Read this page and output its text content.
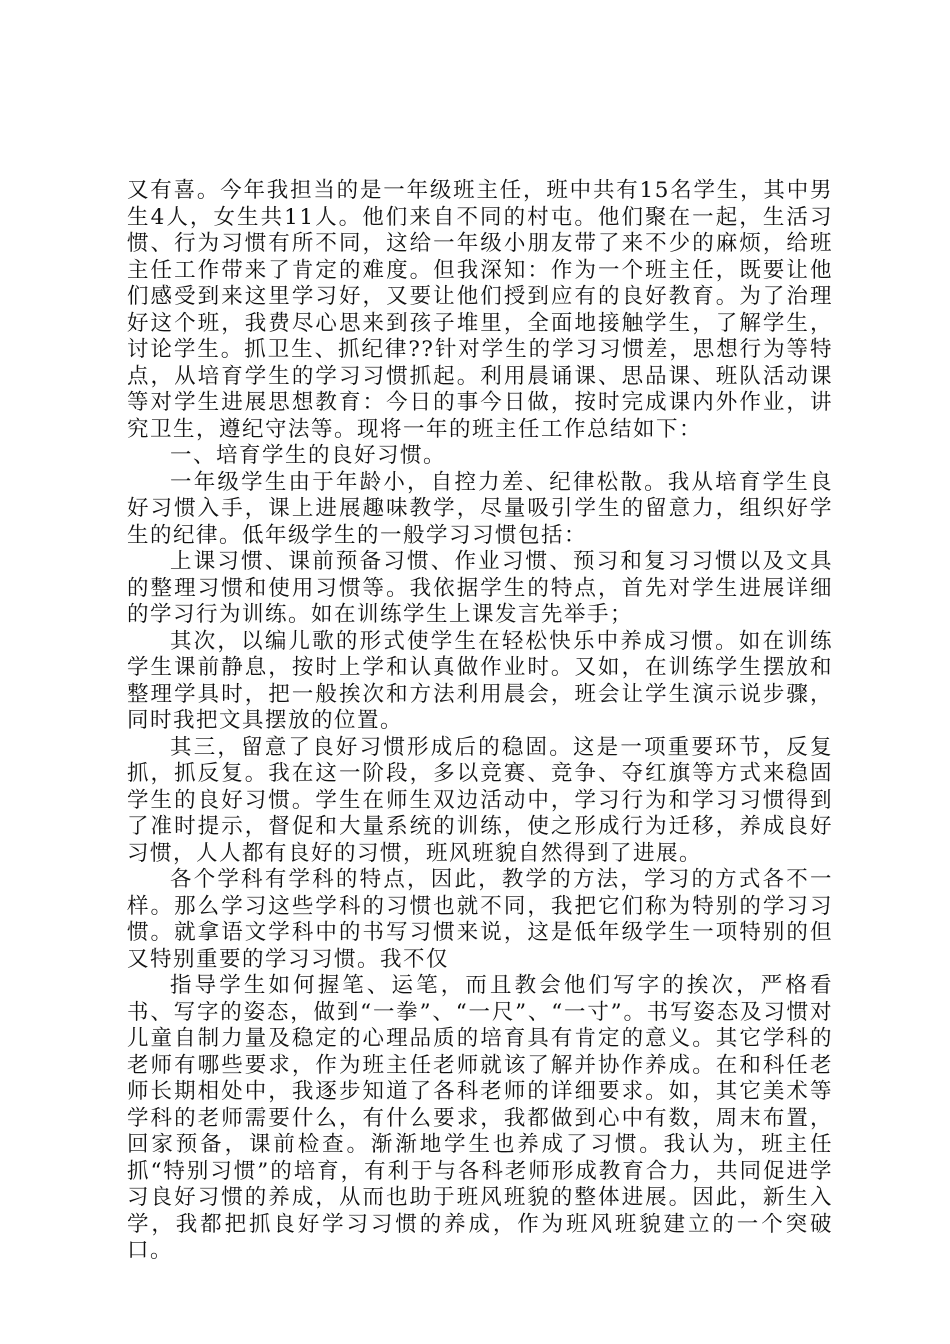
又有喜。今年我担当的是一年级班主任，班中共有15名学生，其中男生4人，女生共11人。他们来自不同的村屯。他们聚在一起，生活习惯、行为习惯有所不同，这给一年级小朋友带了来不少的麻烦，给班主任工作带来了肯定的难度。但我深知：作为一个班主任，既要让他们感受到来这里学习好，又要让他们授到应有的良好教育。为了治理好这个班，我费尽心思来到孩子堆里，全面地接触学生，了解学生，讨论学生。抓卫生、抓纪律??针对学生的学习习惯差，思想行为等特点，从培育学生的学习习惯抓起。利用晨诵课、思品课、班队活动课等对学生进展思想教育：今日的事今日做，按时完成课内外作业，讲究卫生，遵纪守法等。现将一年的班主任工作总结如下：

一、培育学生的良好习惯。

一年级学生由于年龄小，自控力差、纪律松散。我从培育学生良好习惯入手，课上进展趣味教学，尽量吸引学生的留意力，组织好学生的纪律。低年级学生的一般学习习惯包括：

上课习惯、课前预备习惯、作业习惯、预习和复习习惯以及文具的整理习惯和使用习惯等。我依据学生的特点，首先对学生进展详细的学习行为训练。如在训练学生上课发言先举手；

其次，以编儿歌的形式使学生在轻松快乐中养成习惯。如在训练学生课前静息，按时上学和认真做作业时。又如，在训练学生摆放和整理学具时，把一般挨次和方法利用晨会，班会让学生演示说步骤，同时我把文具摆放的位置。

其三，留意了良好习惯形成后的稳固。这是一项重要环节，反复抓，抓反复。我在这一阶段，多以竞赛、竞争、夺红旗等方式来稳固学生的良好习惯。学生在师生双边活动中，学习行为和学习习惯得到了准时提示，督促和大量系统的训练，使之形成行为迁移，养成良好习惯，人人都有良好的习惯，班风班貌自然得到了进展。

各个学科有学科的特点，因此，教学的方法，学习的方式各不一样。那么学习这些学科的习惯也就不同，我把它们称为特别的学习习惯。就拿语文学科中的书写习惯来说，这是低年级学生一项特别的但又特别重要的学习习惯。我不仅

指导学生如何握笔、运笔，而且教会他们写字的挨次，严格看书、写字的姿态，做到“一拳”、“一尺”、“一寸”。书写姿态及习惯对儿童自制力量及稳定的心理品质的培育具有肯定的意义。其它学科的老师有哪些要求，作为班主任老师就该了解并协作养成。在和科任老师长期相处中，我逐步知道了各科老师的详细要求。如，其它美术等学科的老师需要什么，有什么要求，我都做到心中有数，周末布置，回家预备，课前检查。渐渐地学生也养成了习惯。我认为，班主任抓“特别习惯”的培育，有利于与各科老师形成教育合力，共同促进学习良好习惯的养成，从而也助于班风班貌的整体进展。因此，新生入学，我都把抓良好学习习惯的养成，作为班风班貌建立的一个突破口。
